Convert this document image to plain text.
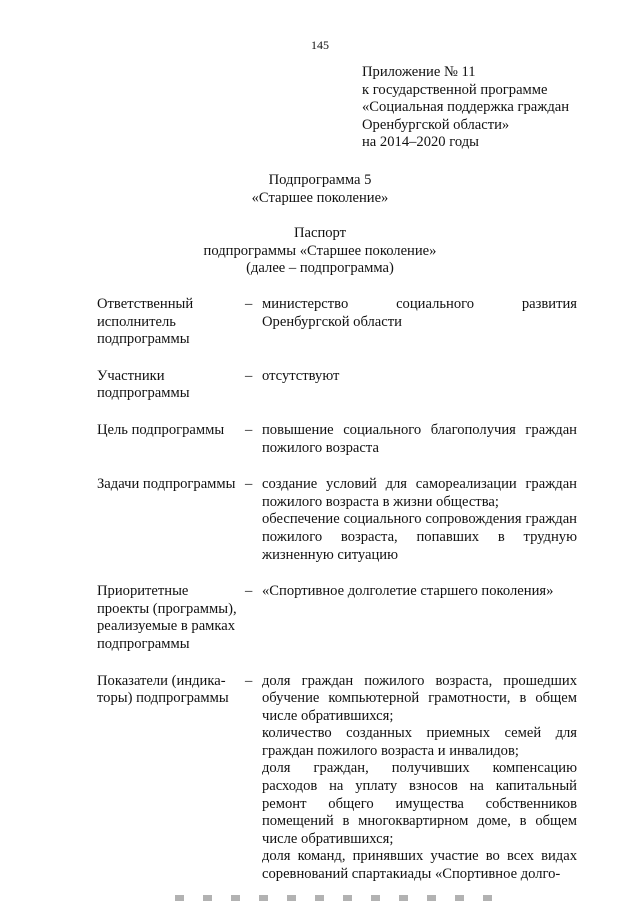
145
Приложение № 11
к государственной программе
«Социальная поддержка граждан
Оренбургской области»
на 2014–2020 годы
Подпрограмма 5
«Старшее поколение»
Паспорт
подпрограммы «Старшее поколение»
(далее – подпрограмма)
Ответственный
исполнитель
подпрограммы
– министерство социального развития Оренбургской области

Участники
подпрограммы
– отсутствуют

Цель подпрограммы	– повышение социального благополучия граждан пожилого возраста

Задачи подпрограммы – создание условий для самореализации граждан пожилого возраста в жизни общества;

обеспечение социального сопровождения граждан пожилого возраста, попавших в трудную жизненную ситуацию

Приоритетные
проекты (программы),
реализуемые в рамках
подпрограммы
– «Спортивное долголетие старшего поколения»

Показатели (индика-
торы) подпрограммы
– доля граждан пожилого возраста, прошедших обучение компьютерной грамотности, в общем числе обратившихся;

количество созданных приемных семей для граждан пожилого возраста и инвалидов;

доля граждан, получивших компенсацию расходов на уплату взносов на капитальный ремонт общего имущества собственников помещений в многоквартирном доме, в общем числе обратившихся;

доля команд, принявших участие во всех видах соревнований спартакиады «Спортивное долго-
